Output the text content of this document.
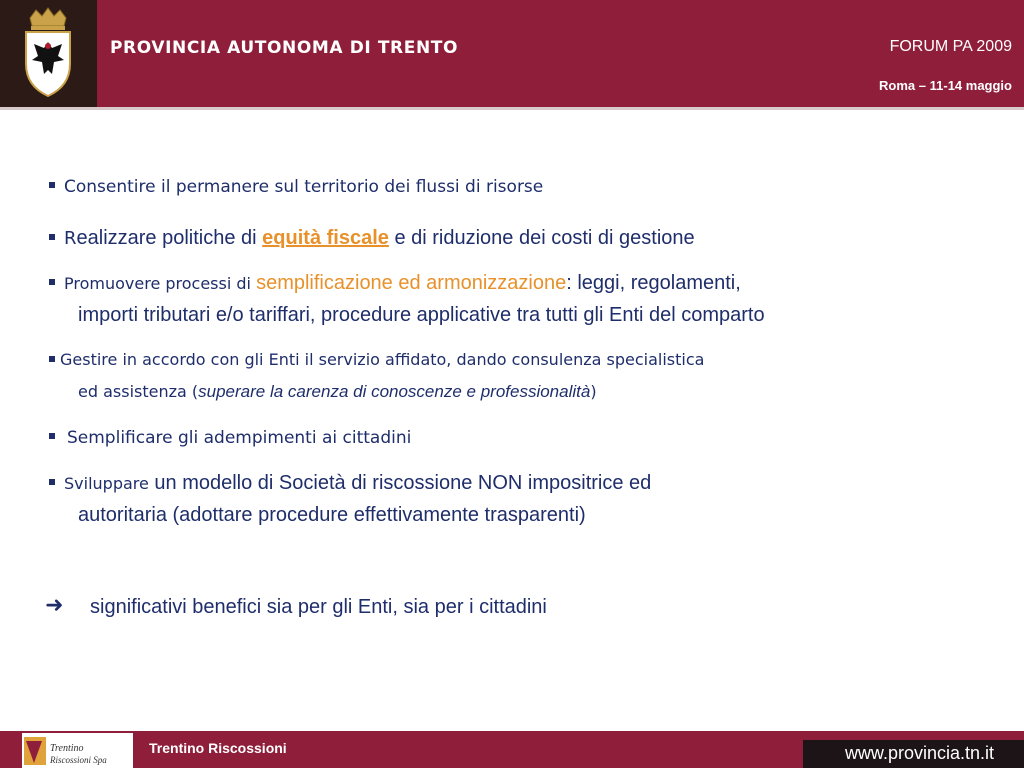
PROVINCIA AUTONOMA DI TRENTO	FORUM PA 2009
Roma – 11-14 maggio
Consentire il permanere sul territorio dei flussi di risorse
Realizzare politiche di equità fiscale e di riduzione dei costi di gestione
Promuovere processi di semplificazione ed armonizzazione: leggi, regolamenti,
importi tributari e/o tariffari, procedure applicative tra tutti gli Enti del comparto
Gestire in accordo con gli Enti il servizio affidato, dando consulenza specialistica
ed assistenza (superare la carenza di conoscenze e professionalità)
Semplificare gli adempimenti ai cittadini
Sviluppare un modello di Società di riscossione NON impositrice ed
autoritaria (adottare procedure effettivamente trasparenti)
➜ significativi benefici sia per gli Enti, sia per i cittadini
Trentino
Riscossioni Spa
Trentino Riscossioni	www.provincia.tn.it
